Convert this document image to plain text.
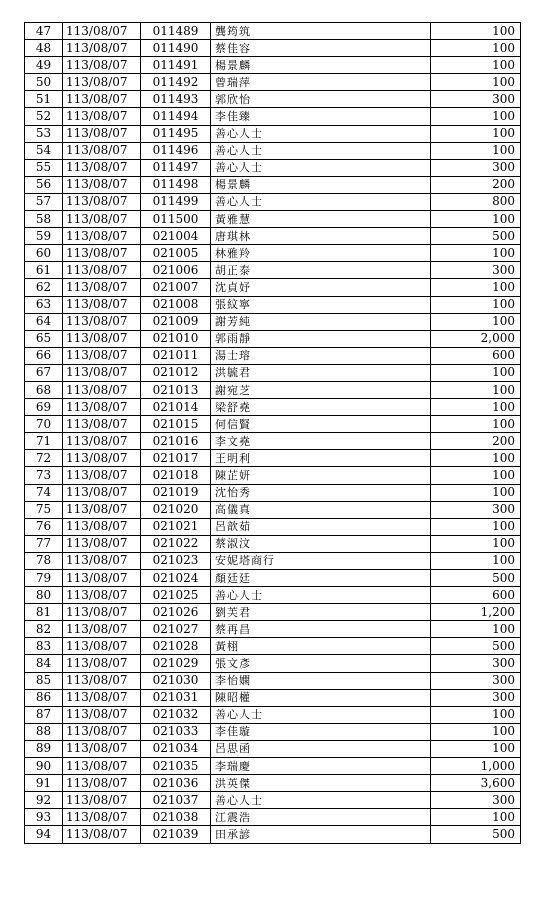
47	113/08/07	011489	龔筠筑	100
48	113/08/07	011490	蔡佳容	100
49	113/08/07	011491	楊景麟	100
50	113/08/07	011492	曾瑞萍	100
51	113/08/07	011493	郭欣怡	300
52	113/08/07	011494	李佳臻	100
53	113/08/07	011495	善心人士	100
54	113/08/07	011496	善心人士	100
55	113/08/07	011497	善心人士	300
56	113/08/07	011498	楊景麟	200
57	113/08/07	011499	善心人士	800
58	113/08/07	011500	黃雅慧	100
59	113/08/07	021004	唐琪林	500
60	113/08/07	021005	林雅羚	100
61	113/08/07	021006	胡正泰	300
62	113/08/07	021007	沈貞妤	100
63	113/08/07	021008	張紋寧	100
64	113/08/07	021009	謝芳純	100
65	113/08/07	021010	郭雨靜	2,000
66	113/08/07	021011	湯士瑢	600
67	113/08/07	021012	洪毓君	100
68	113/08/07	021013	謝宛芝	100
69	113/08/07	021014	梁舒堯	100
70	113/08/07	021015	何信賢	100
71	113/08/07	021016	李文堯	200
72	113/08/07	021017	王明利	100
73	113/08/07	021018	陳芷妍	100
74	113/08/07	021019	沈怡秀	100
75	113/08/07	021020	高儀真	300
76	113/08/07	021021	呂歆茹	100
77	113/08/07	021022	蔡淑汶	100
78	113/08/07	021023	安妮塔商行	100
79	113/08/07	021024	顏廷廷	500
80	113/08/07	021025	善心人士	600
81	113/08/07	021026	劉芙君	1,200
82	113/08/07	021027	蔡再昌	100
83	113/08/07	021028	黃栩	500
84	113/08/07	021029	張文彥	300
85	113/08/07	021030	李怡嫻	300
86	113/08/07	021031	陳昭權	300
87	113/08/07	021032	善心人士	100
88	113/08/07	021033	李佳璇	100
89	113/08/07	021034	呂思函	100
90	113/08/07	021035	李瑞慶	1,000
91	113/08/07	021036	洪英傑	3,600
92	113/08/07	021037	善心人士	300
93	113/08/07	021038	江震浩	100
94	113/08/07	021039	田承諺	500
